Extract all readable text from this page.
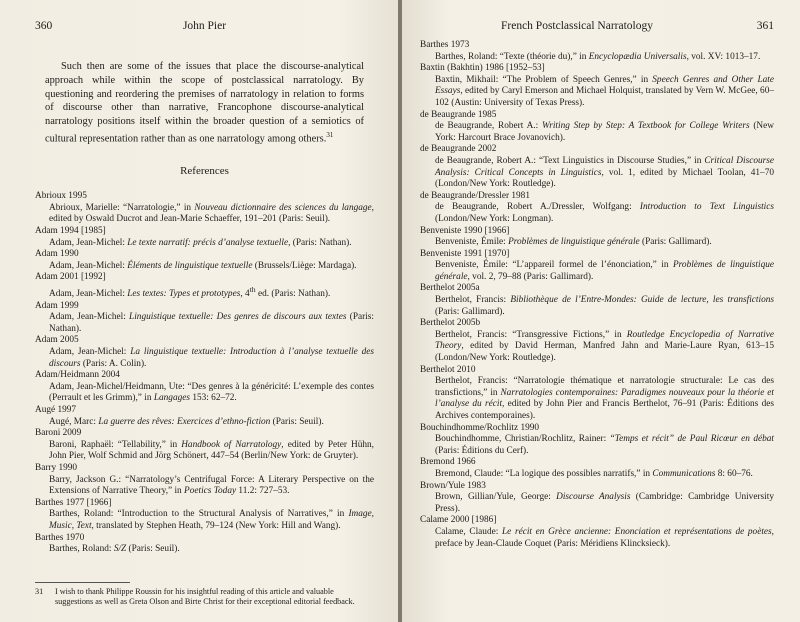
360	John Pier

Such then are some of the issues that place the discourse-analytical approach while within the scope of postclassical narratology. By questioning and reordering the premises of narratology in relation to forms of discourse other than narrative, Francophone discourse-analytical narratology positions itself within the broader question of a semiotics of cultural representation rather than as one narratology among others.$^{31}$

References
Abrioux 1995
Abrioux, Marielle: “Narratologie,” in Nouveau dictionnaire des sciences du langage, edited by Oswald Ducrot and Jean-Marie Schaeffer, 191–201 (Paris: Seuil).
Adam 1994 [1985]
Adam, Jean-Michel: Le texte narratif: précis d’analyse textuelle, (Paris: Nathan).
Adam 1990
Adam, Jean-Michel: Éléments de linguistique textuelle (Brussels/Liège: Mardaga).
Adam 2001 [1992]
Adam, Jean-Michel: Les textes: Types et prototypes, 4th ed. (Paris: Nathan).
Adam 1999
Adam, Jean-Michel: Linguistique textuelle: Des genres de discours aux textes (Paris: Nathan).
Adam 2005
Adam, Jean-Michel: La linguistique textuelle: Introduction à l’analyse textuelle des discours (Paris: A. Colin).
Adam/Heidmann 2004
Adam, Jean-Michel/Heidmann, Ute: “Des genres à la généricité: L’exemple des contes (Perrault et les Grimm),” in Langages 153: 62–72.
Augé 1997
Augé, Marc: La guerre des rêves: Exercices d’ethno-fiction (Paris: Seuil).
Baroni 2009
Baroni, Raphaël: “Tellability,” in Handbook of Narratology, edited by Peter Hühn, John Pier, Wolf Schmid and Jörg Schönert, 447–54 (Berlin/New York: de Gruyter).
Barry 1990
Barry, Jackson G.: “Narratology’s Centrifugal Force: A Literary Perspective on the Extensions of Narrative Theory,” in Poetics Today 11.2: 727–53.
Barthes 1977 [1966]
Barthes, Roland: “Introduction to the Structural Analysis of Narratives,” in Image, Music, Text, translated by Stephen Heath, 79–124 (New York: Hill and Wang).
Barthes 1970
Barthes, Roland: S/Z (Paris: Seuil).
31 I wish to thank Philippe Roussin for his insightful reading of this article and valuable suggestions as well as Greta Olson and Birte Christ for their exceptional editorial feedback.
French Postclassical Narratology	361
Barthes 1973
Barthes, Roland: “Texte (théorie du),” in Encyclopædia Universalis, vol. XV: 1013–17.
Baxtin (Bakhtin) 1986 [1952–53]
Baxtin, Mikhail: “The Problem of Speech Genres,” in Speech Genres and Other Late Essays, edited by Caryl Emerson and Michael Holquist, translated by Vern W. McGee, 60–102 (Austin: University of Texas Press).
de Beaugrande 1985
de Beaugrande, Robert A.: Writing Step by Step: A Textbook for College Writers (New York: Harcourt Brace Jovanovich).
de Beaugrande 2002
de Beaugrande, Robert A.: “Text Linguistics in Discourse Studies,” in Critical Discourse Analysis: Critical Concepts in Linguistics, vol. 1, edited by Michael Toolan, 41–70 (London/New York: Routledge).
de Beaugrande/Dressler 1981
de Beaugrande, Robert A./Dressler, Wolfgang: Introduction to Text Linguistics (London/New York: Longman).
Benveniste 1990 [1966]
Benveniste, Émile: Problèmes de linguistique générale (Paris: Gallimard).
Benveniste 1991 [1970]
Benveniste, Émile: “L’appareil formel de l’énonciation,” in Problèmes de linguistique générale, vol. 2, 79–88 (Paris: Gallimard).
Berthelot 2005a
Berthelot, Francis: Bibliothèque de l’Entre-Mondes: Guide de lecture, les transfictions (Paris: Gallimard).
Berthelot 2005b
Berthelot, Francis: “Transgressive Fictions,” in Routledge Encyclopedia of Narrative Theory, edited by David Herman, Manfred Jahn and Marie-Laure Ryan, 613–15 (London/New York: Routledge).
Berthelot 2010
Berthelot, Francis: “Narratologie thématique et narratologie structurale: Le cas des transfictions,” in Narratologies contemporaines: Paradigmes nouveaux pour la théorie et l’analyse du récit, edited by John Pier and Francis Berthelot, 76–91 (Paris: Éditions des Archives contemporaines).
Bouchindhomme/Rochlitz 1990
Bouchindhomme, Christian/Rochlitz, Rainer: “Temps et récit” de Paul Ricœur en débat (Paris: Éditions du Cerf).
Bremond 1966
Bremond, Claude: “La logique des possibles narratifs,” in Communications 8: 60–76.
Brown/Yule 1983
Brown, Gillian/Yule, George: Discourse Analysis (Cambridge: Cambridge University Press).
Calame 2000 [1986]
Calame, Claude: Le récit en Grèce ancienne: Enonciation et représentations de poètes, preface by Jean-Claude Coquet (Paris: Méridiens Klincksieck).
